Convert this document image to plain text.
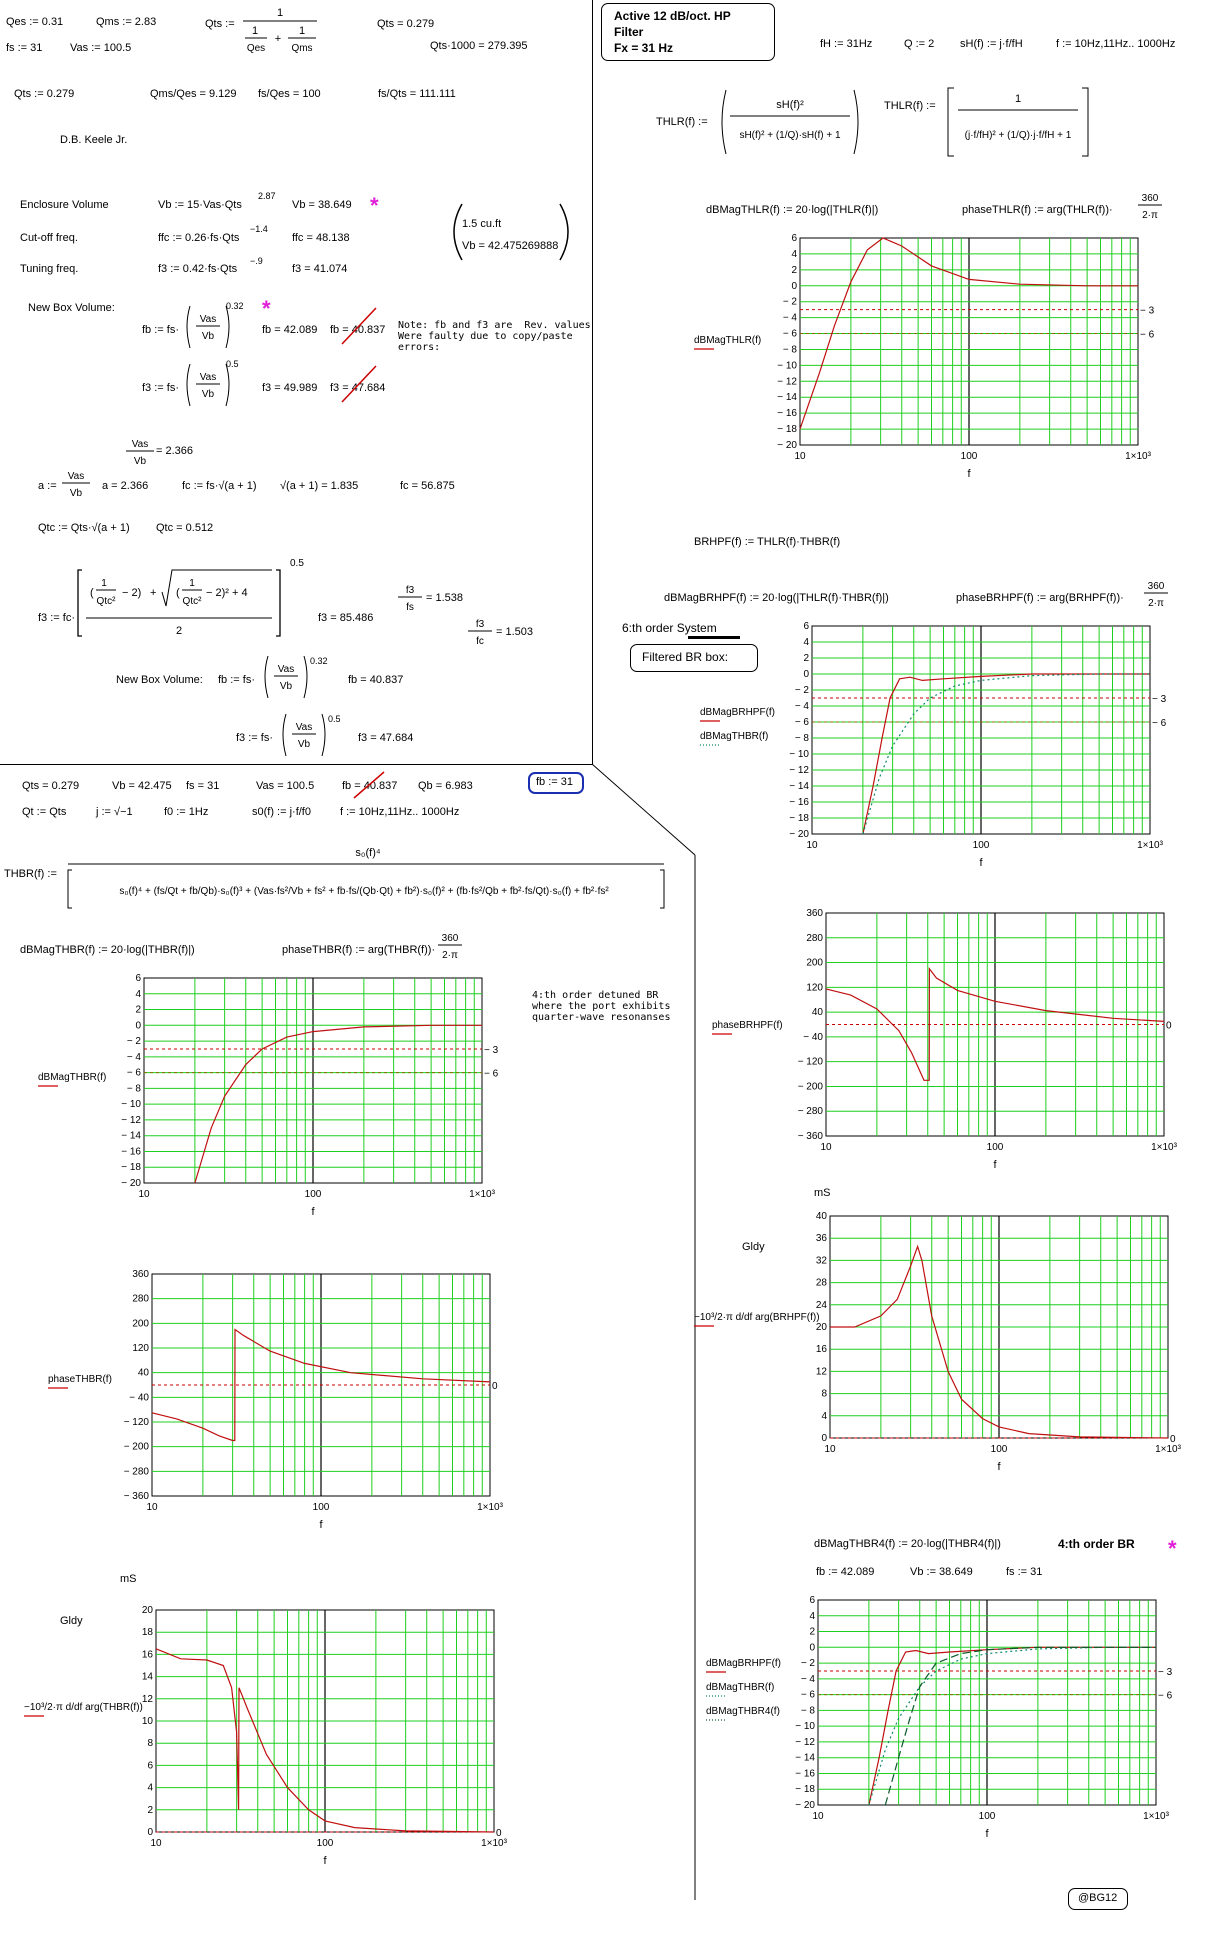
Qes := 0.31	Qms := 2.83
fs := 31	Vas := 100.5
Qts :=
1
1
Qes
+
1
Qms
Qts = 0.279
Qts·1000 = 279.395
Qts := 0.279	Qms/Qes = 9.129 fs/Qes = 100	fs/Qts = 111.111
D.B. Keele Jr.
Enclosure Volume	Vb := 15·Vas·Qts
2.87
Vb = 38.649 *
Cut-off freq.	ffc := 0.26·fs·Qts
−1.4
ffc = 48.138
Tuning freq.	f3 := 0.42·fs·Qts
−.9
f3 = 41.074
1.5 cu.ft
Vb = 42.475269888
New Box Volume:	*
fb := fs·
Vas
Vb
0.32
fb = 42.089 fb = 40.837 Note: fb and f3 are  Rev. values
Were faulty due to copy/paste
errors:
f3 := fs·
Vas
Vb
0.5
f3 = 49.989 f3 = 47.684
Vas
Vb
= 2.366
a :=
Vas
Vb
a = 2.366	fc := fs·√(a + 1) √(a + 1) = 1.835	fc = 56.875
Qtc := Qts·√(a + 1) Qtc = 0.512
f3 := fc·
0.5
2
(
1
Qtc²
− 2) + (
1
Qtc²
− 2)² + 4
f3 = 85.486
f3
fs
= 1.538
f3
fc
= 1.503
New Box Volume: fb := fs·
Vas
Vb
0.32
fb = 40.837
f3 := fs·
Vas
Vb
0.5
f3 = 47.684
Qts = 0.279	Vb = 42.475 fs = 31	Vas = 100.5	fb = 40.837 Qb = 6.983	fb := 31
Qt := Qts	j := √−1	f0 := 1Hz	s0(f) := j·f/f0	f := 10Hz,11Hz.. 1000Hz
THBR(f) :=
s₀(f)⁴
s₀(f)⁴ + (fs/Qt + fb/Qb)·s₀(f)³ + (Vas·fs²/Vb + fs² + fb·fs/(Qb·Qt) + fb²)·s₀(f)² + (fb·fs²/Qb + fb²·fs/Qt)·s₀(f) + fb²·fs²
dBMagTHBR(f) := 20·log(|THBR(f)|)	phaseTHBR(f) := arg(THBR(f))·
360
2·π
4:th order detuned BR
where the port exhibits
quarter-wave resonanses
Active 12 dB/oct. HP
Filter
Fx = 31 Hz	fH := 31Hz	Q := 2 sH(f) := j·f/fH	f := 10Hz,11Hz.. 1000Hz
THLR(f) :=
sH(f)²
sH(f)² + (1/Q)·sH(f) + 1
THLR(f) :=
1
(j·f/fH)² + (1/Q)·j·f/fH + 1
dBMagTHLR(f) := 20·log(|THLR(f)|)	phaseTHLR(f) := arg(THLR(f))·
360
2·π
BRHPF(f) := THLR(f)·THBR(f)
dBMagBRHPF(f) := 20·log(|THLR(f)·THBR(f)|)	phaseBRHPF(f) := arg(BRHPF(f))·
360
2·π
6:th order System
Filtered BR box:
dBMagTHBR4(f) := 20·log(|THBR4(f)|)	4:th order BR *
fb := 42.089	Vb := 38.649	fs := 31
@BG12
6
4
2
0
− 2
− 4
− 6
− 8
− 10
− 12
− 14
− 16
− 18
− 20
10	100	1×10³
f
− 3
− 6
dBMagTHLR(f)
6
4
2
0
− 2
− 4
− 6
− 8
− 10
− 12
− 14
− 16
− 18
− 20
10	100	1×10³
f
− 3
− 6
dBMagBRHPF(f)
dBMagTHBR(f)
360
280
200
120
40
− 40
− 120
− 200
− 280
− 360
10	100	1×10³
f
0
phaseBRHPF(f)
40
36
32
28
24
20
16
12
8
4
0
10	100	1×10³
f
0
−10³/2·π d/df arg(BRHPF(f))
mS
Gldy
6
4
2
0
− 2
− 4
− 6
− 8
− 10
− 12
− 14
− 16
− 18
− 20
10	100	1×10³
f
− 3
− 6
dBMagBRHPF(f)
dBMagTHBR(f)
dBMagTHBR4(f)
6
4
2
0
− 2
− 4
− 6
− 8
− 10
− 12
− 14
− 16
− 18
− 20
10	100	1×10³
f
− 3
− 6
dBMagTHBR(f)
360
280
200
120
40
− 40
− 120
− 200
− 280
− 360
10	100	1×10³
f
0
phaseTHBR(f)
20
18
16
14
12
10
8
6
4
2
0
10	100	1×10³
f
0
−10³/2·π d/df arg(THBR(f))
mS
Gldy
